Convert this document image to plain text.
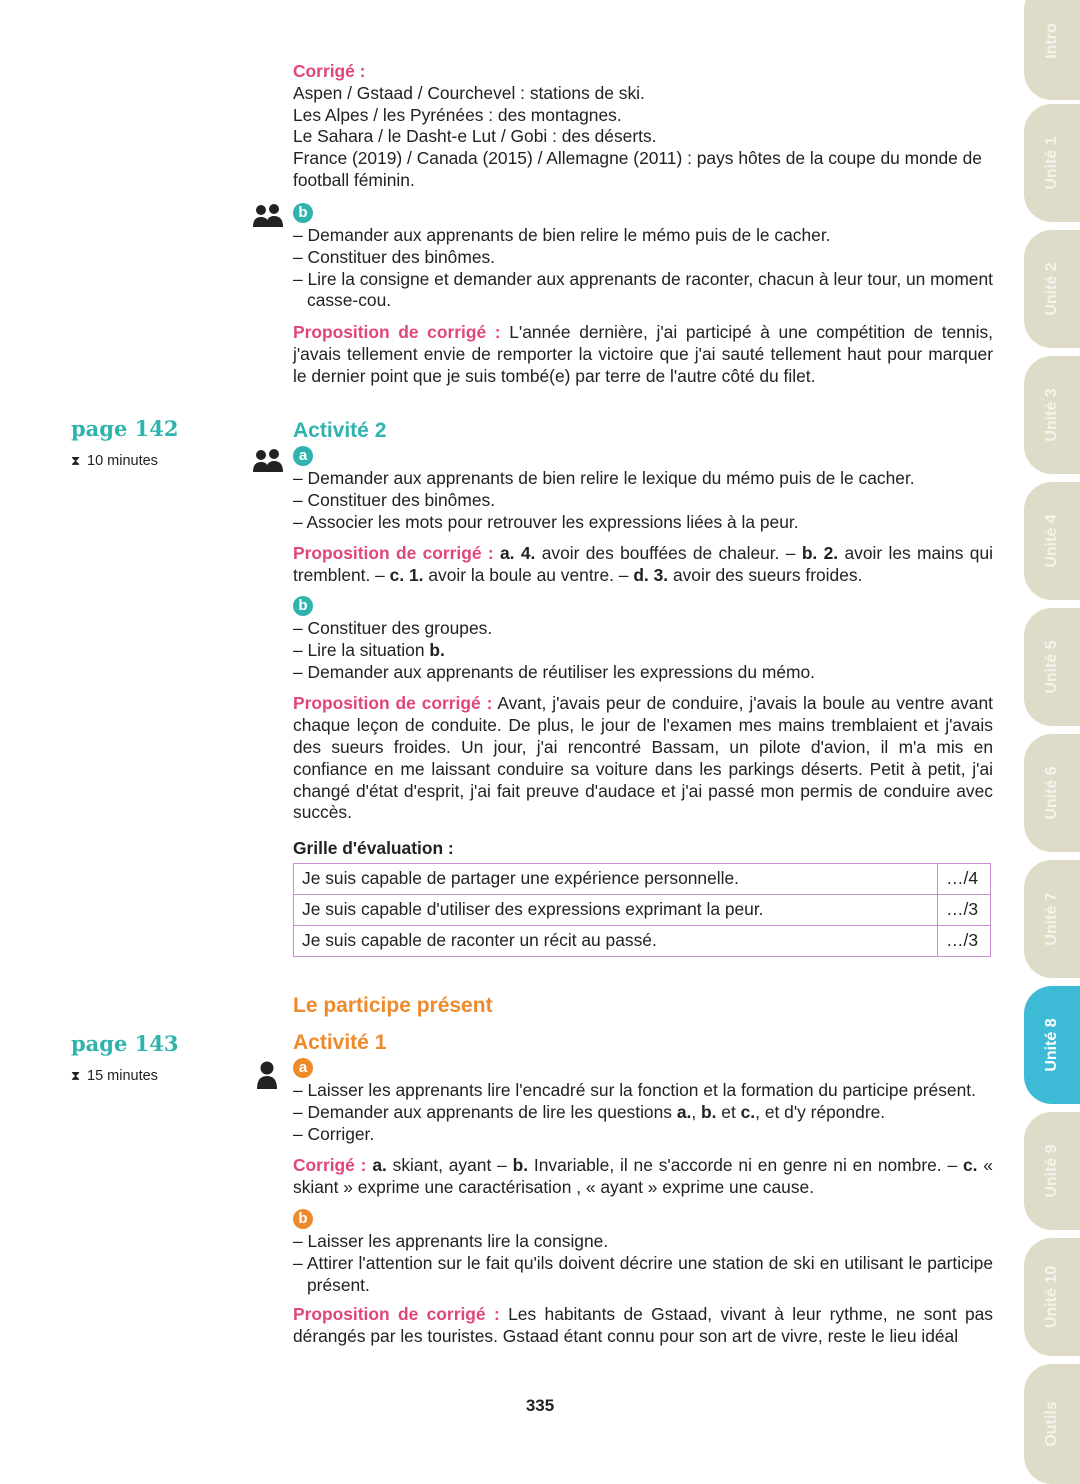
Corrigé :
Aspen / Gstaad / Courchevel : stations de ski.
Les Alpes / les Pyrénées : des montagnes.
Le Sahara / le Dasht-e Lut / Gobi : des déserts.
France (2019) / Canada (2015) / Allemagne (2011) : pays hôtes de la coupe du monde de football féminin.
b
– Demander aux apprenants de bien relire le mémo puis de le cacher.
– Constituer des binômes.
– Lire la consigne et demander aux apprenants de raconter, chacun à leur tour, un moment casse-cou.

Proposition de corrigé : L'année dernière, j'ai participé à une compétition de tennis, j'avais tellement envie de remporter la victoire que j'ai sauté tellement haut pour marquer le dernier point que je suis tombé(e) par terre de l'autre côté du filet.

page 142
⧗ 10 minutes
Activité 2
a
– Demander aux apprenants de bien relire le lexique du mémo puis de le cacher.
– Constituer des binômes.
– Associer les mots pour retrouver les expressions liées à la peur.

Proposition de corrigé : a. 4. avoir des bouffées de chaleur. – b. 2. avoir les mains qui tremblent. – c. 1. avoir la boule au ventre. – d. 3. avoir des sueurs froides.

b
– Constituer des groupes.
– Lire la situation b.
– Demander aux apprenants de réutiliser les expressions du mémo.

Proposition de corrigé : Avant, j'avais peur de conduire, j'avais la boule au ventre avant chaque leçon de conduite. De plus, le jour de l'examen mes mains tremblaient et j'avais des sueurs froides. Un jour, j'ai rencontré Bassam, un pilote d'avion, il m'a mis en confiance en me laissant conduire sa voiture dans les parkings déserts. Petit à petit, j'ai changé d'état d'esprit, j'ai fait preuve d'audace et j'ai passé mon permis de conduire avec succès.

Grille d'évaluation :
Je suis capable de partager une expérience personnelle.	…/4
Je suis capable d'utiliser des expressions exprimant la peur.	…/3
Je suis capable de raconter un récit au passé.	…/3
Le participe présent
Activité 1
a
– Laisser les apprenants lire l'encadré sur la fonction et la formation du participe présent.
– Demander aux apprenants de lire les questions a., b. et c., et d'y répondre.
– Corriger.

Corrigé : a. skiant, ayant – b. Invariable, il ne s'accorde ni en genre ni en nombre. – c. « skiant » exprime une caractérisation , « ayant » exprime une cause.

b
– Laisser les apprenants lire la consigne.
– Attirer l'attention sur le fait qu'ils doivent décrire une station de ski en utilisant le participe présent.

Proposition de corrigé : Les habitants de Gstaad, vivant à leur rythme, ne sont pas dérangés par les touristes. Gstaad étant connu pour son art de vivre, reste le lieu idéal

page 143
⧗ 15 minutes
335
Intro
Unité 1
Unité 2
Unité 3
Unité 4
Unité 5
Unité 6
Unité 7
Unité 8
Unité 9
Unité 10
Outils
